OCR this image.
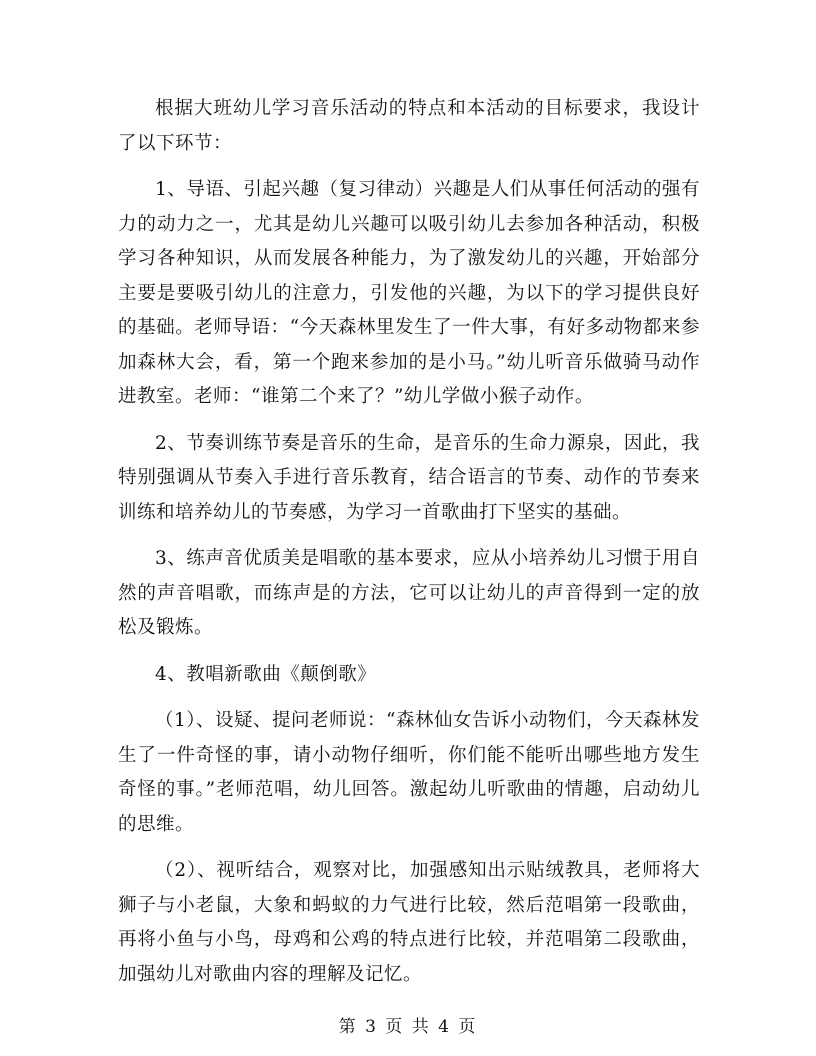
根据大班幼儿学习音乐活动的特点和本活动的目标要求，我设计了以下环节：

1、导语、引起兴趣（复习律动）兴趣是人们从事任何活动的强有力的动力之一，尤其是幼儿兴趣可以吸引幼儿去参加各种活动，积极学习各种知识，从而发展各种能力，为了激发幼儿的兴趣，开始部分主要是要吸引幼儿的注意力，引发他的兴趣，为以下的学习提供良好的基础。老师导语：“今天森林里发生了一件大事，有好多动物都来参加森林大会，看，第一个跑来参加的是小马。”幼儿听音乐做骑马动作进教室。老师：“谁第二个来了？”幼儿学做小猴子动作。

2、节奏训练节奏是音乐的生命，是音乐的生命力源泉，因此，我特别强调从节奏入手进行音乐教育，结合语言的节奏、动作的节奏来训练和培养幼儿的节奏感，为学习一首歌曲打下坚实的基础。

3、练声音优质美是唱歌的基本要求，应从小培养幼儿习惯于用自然的声音唱歌，而练声是的方法，它可以让幼儿的声音得到一定的放松及锻炼。

4、教唱新歌曲《颠倒歌》

（1）、设疑、提问老师说：“森林仙女告诉小动物们，今天森林发生了一件奇怪的事，请小动物仔细听，你们能不能听出哪些地方发生奇怪的事。”老师范唱，幼儿回答。激起幼儿听歌曲的情趣，启动幼儿的思维。

（2）、视听结合，观察对比，加强感知出示贴绒教具，老师将大狮子与小老鼠，大象和蚂蚁的力气进行比较，然后范唱第一段歌曲，再将小鱼与小鸟，母鸡和公鸡的特点进行比较，并范唱第二段歌曲，加强幼儿对歌曲内容的理解及记忆。

第 3 页 共 4 页
